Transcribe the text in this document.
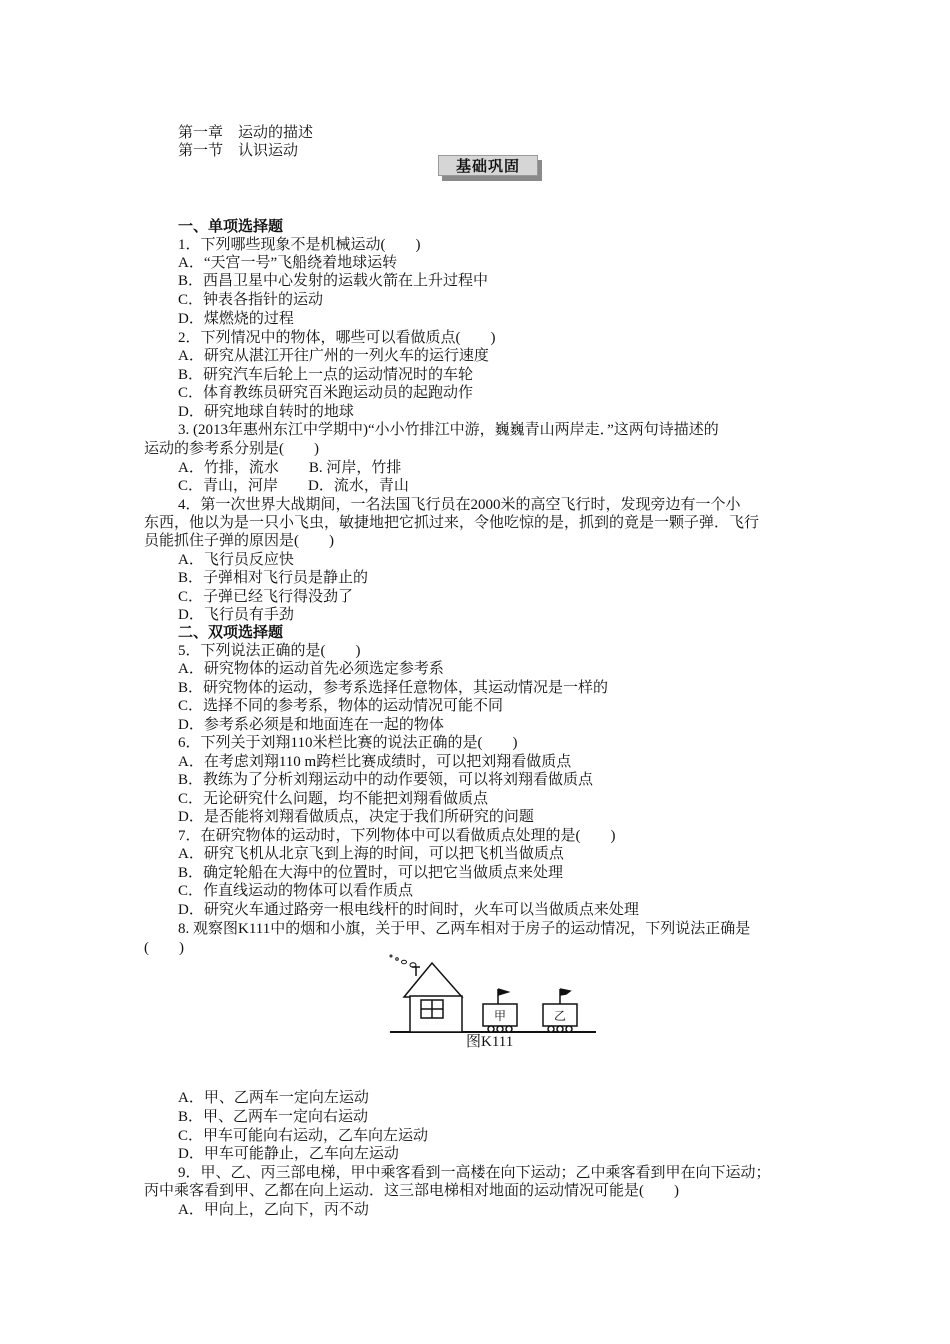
第一章　运动的描述
第一节　认识运动
基础巩固
一、单项选择题
1．下列哪些现象不是机械运动(　　)
A．“天宫一号”飞船绕着地球运转
B．西昌卫星中心发射的运载火箭在上升过程中
C．钟表各指针的运动
D．煤燃烧的过程
2．下列情况中的物体，哪些可以看做质点(　　)
A．研究从湛江开往广州的一列火车的运行速度
B．研究汽车后轮上一点的运动情况时的车轮
C．体育教练员研究百米跑运动员的起跑动作
D．研究地球自转时的地球
3. (2013年惠州东江中学期中)“小小竹排江中游，巍巍青山两岸走．”这两句诗描述的
运动的参考系分别是(　　)
A．竹排，流水　　B. 河岸，竹排
C．青山，河岸　　D．流水，青山
4．第一次世界大战期间，一名法国飞行员在2000米的高空飞行时，发现旁边有一个小
东西，他以为是一只小飞虫，敏捷地把它抓过来，令他吃惊的是，抓到的竟是一颗子弹．飞行
员能抓住子弹的原因是(　　)
A．飞行员反应快
B．子弹相对飞行员是静止的
C．子弹已经飞行得没劲了
D．飞行员有手劲
二、双项选择题
5．下列说法正确的是(　　)
A．研究物体的运动首先必须选定参考系
B．研究物体的运动，参考系选择任意物体，其运动情况是一样的
C．选择不同的参考系，物体的运动情况可能不同
D．参考系必须是和地面连在一起的物体
6．下列关于刘翔110米栏比赛的说法正确的是(　　)
A．在考虑刘翔110 m跨栏比赛成绩时，可以把刘翔看做质点
B．教练为了分析刘翔运动中的动作要领，可以将刘翔看做质点
C．无论研究什么问题，均不能把刘翔看做质点
D．是否能将刘翔看做质点，决定于我们所研究的问题
7．在研究物体的运动时，下列物体中可以看做质点处理的是(　　)
A．研究飞机从北京飞到上海的时间，可以把飞机当做质点
B．确定轮船在大海中的位置时，可以把它当做质点来处理
C．作直线运动的物体可以看作质点
D．研究火车通过路旁一根电线杆的时间时，火车可以当做质点来处理
8. 观察图K111中的烟和小旗，关于甲、乙两车相对于房子的运动情况，下列说法正确是
(　　)
A．甲、乙两车一定向左运动
B．甲、乙两车一定向右运动
C．甲车可能向右运动，乙车向左运动
D．甲车可能静止，乙车向左运动
9．甲、乙、丙三部电梯，甲中乘客看到一高楼在向下运动；乙中乘客看到甲在向下运动；
丙中乘客看到甲、乙都在向上运动．这三部电梯相对地面的运动情况可能是(　　)
A．甲向上，乙向下，丙不动
甲	乙
图K111
